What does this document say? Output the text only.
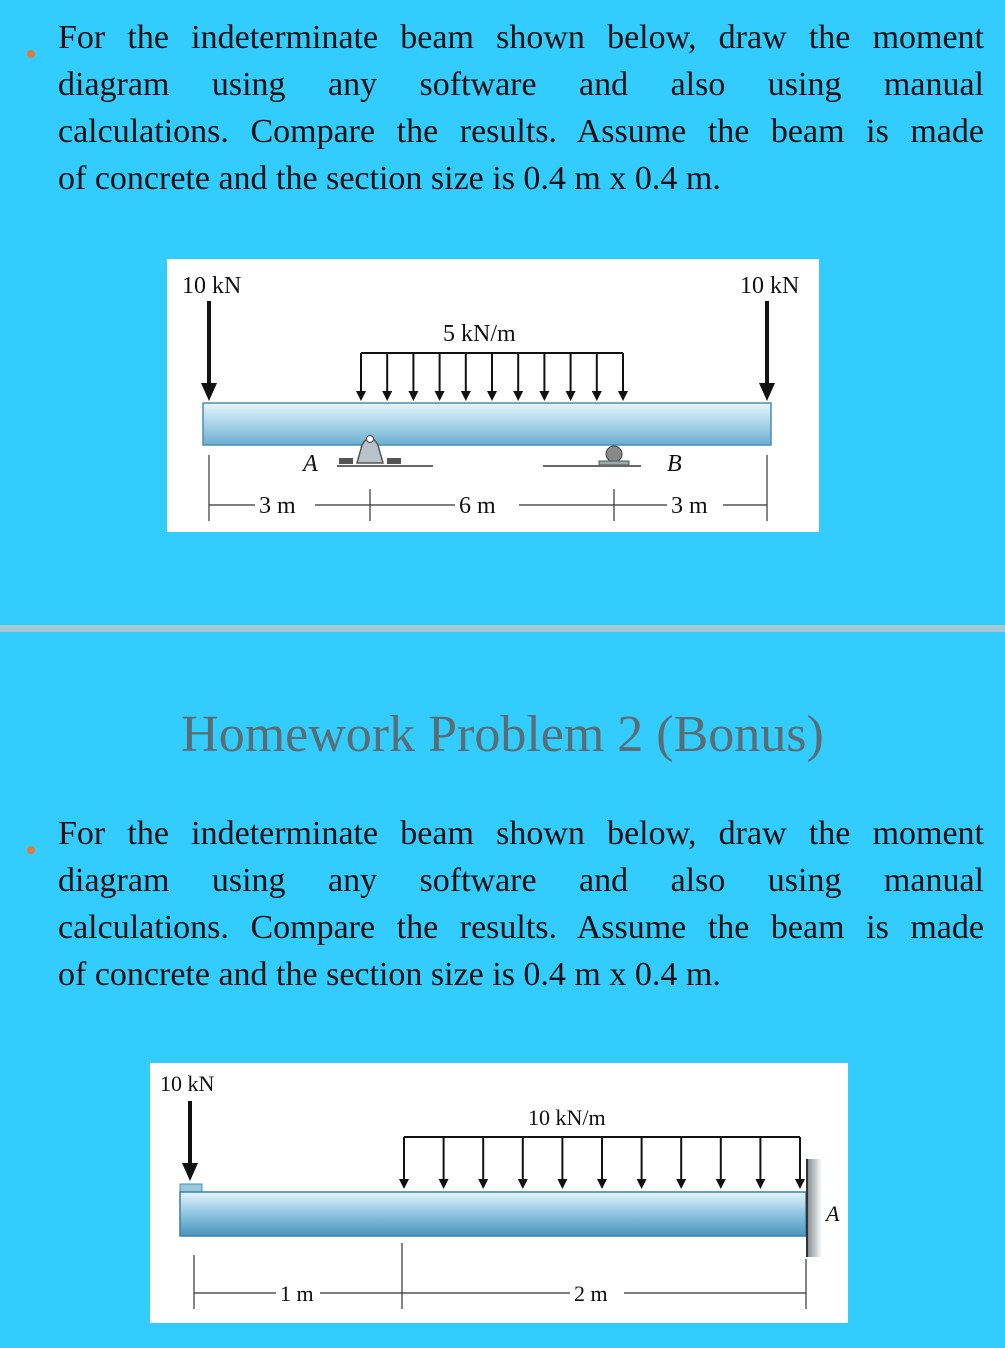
For the indeterminate beam shown below, draw the moment
diagram using any software and also using manual
calculations. Compare the results. Assume the beam is made
of concrete and the section size is 0.4 m x 0.4 m.
10 kN	10 kN
5 kN/m
A	B
3 m	6 m	3 m
Homework Problem 2 (Bonus)
For the indeterminate beam shown below, draw the moment
diagram using any software and also using manual
calculations. Compare the results. Assume the beam is made
of concrete and the section size is 0.4 m x 0.4 m.
10 kN
10 kN/m
A
1 m	2 m
